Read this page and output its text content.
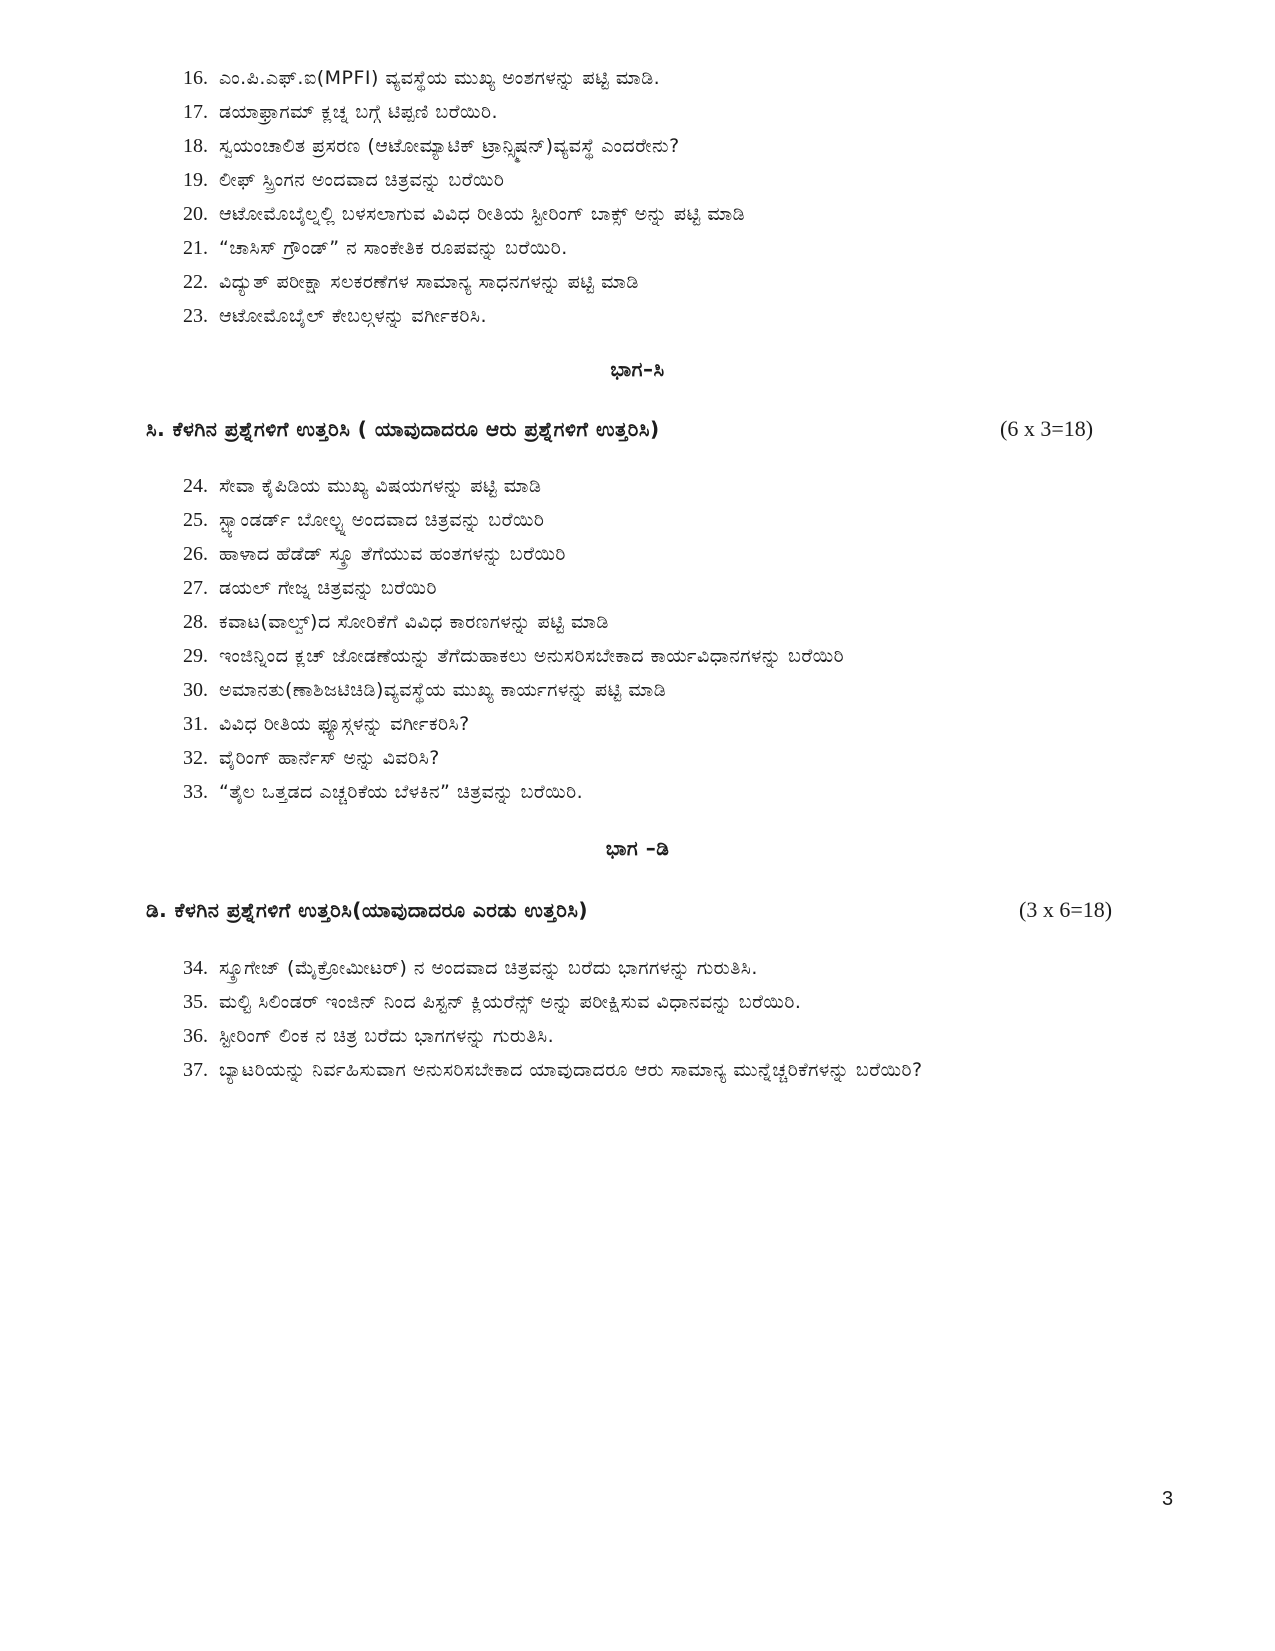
16. ಎಂ.ಪಿ.ಎಫ್.ಐ(MPFI) ವ್ಯವಸ್ಥೆಯ ಮುಖ್ಯ ಅಂಶಗಳನ್ನು ಪಟ್ಟಿ ಮಾಡಿ.
17. ಡಯಾಫ್ರಾಗಮ್ ಕ್ಲಚ್ನ ಬಗ್ಗೆ ಟಿಪ್ಪಣಿ ಬರೆಯಿರಿ.
18. ಸ್ವಯಂಚಾಲಿತ ಪ್ರಸರಣ (ಆಟೋಮ್ಯಾಟಿಕ್ ಟ್ರಾನ್ಸ್ಮಿಷನ್)ವ್ಯವಸ್ಥೆ ಎಂದರೇನು?
19. ಲೀಫ್ ಸ್ಪ್ರಿಂಗನ ಅಂದವಾದ ಚಿತ್ರವನ್ನು ಬರೆಯಿರಿ
20. ಆಟೋಮೊಬೈಲ್ನಲ್ಲಿ ಬಳಸಲಾಗುವ ವಿವಿಧ ರೀತಿಯ ಸ್ಟೀರಿಂಗ್ ಬಾಕ್ಸ್ ಅನ್ನು ಪಟ್ಟಿ ಮಾಡಿ
21. “ಚಾಸಿಸ್ ಗ್ರೌಂಡ್” ನ ಸಾಂಕೇತಿಕ ರೂಪವನ್ನು ಬರೆಯಿರಿ.
22. ವಿದ್ಯುತ್ ಪರೀಕ್ಷಾ ಸಲಕರಣೆಗಳ ಸಾಮಾನ್ಯ ಸಾಧನಗಳನ್ನು ಪಟ್ಟಿ ಮಾಡಿ
23. ಆಟೋಮೊಬೈಲ್ ಕೇಬಲ್ಗಳನ್ನು ವರ್ಗೀಕರಿಸಿ.
ಭಾಗ–ಸಿ
ಸಿ. ಕೆಳಗಿನ ಪ್ರಶ್ನೆಗಳಿಗೆ ಉತ್ತರಿಸಿ ( ಯಾವುದಾದರೂ ಆರು ಪ್ರಶ್ನೆಗಳಿಗೆ ಉತ್ತರಿಸಿ)	(6 x 3=18)
24. ಸೇವಾ ಕೈಪಿಡಿಯ ಮುಖ್ಯ ವಿಷಯಗಳನ್ನು ಪಟ್ಟಿ ಮಾಡಿ
25. ಸ್ಟ್ಯಾಂಡರ್ಡ್ ಬೋಲ್ಟ್ನ ಅಂದವಾದ ಚಿತ್ರವನ್ನು ಬರೆಯಿರಿ
26. ಹಾಳಾದ ಹೆಡೆಡ್ ಸ್ಕ್ರೂ ತೆಗೆಯುವ ಹಂತಗಳನ್ನು ಬರೆಯಿರಿ
27. ಡಯಲ್ ಗೇಜ್ನ ಚಿತ್ರವನ್ನು ಬರೆಯಿರಿ
28. ಕವಾಟ(ವಾಲ್ವ್)ದ ಸೋರಿಕೆಗೆ ವಿವಿಧ ಕಾರಣಗಳನ್ನು ಪಟ್ಟಿ ಮಾಡಿ
29. ಇಂಜಿನ್ನಿಂದ ಕ್ಲಚ್ ಜೋಡಣೆಯನ್ನು ತೆಗೆದುಹಾಕಲು ಅನುಸರಿಸಬೇಕಾದ ಕಾರ್ಯವಿಧಾನಗಳನ್ನು ಬರೆಯಿರಿ
30. ಅಮಾನತು(ಣಾಶಿಜಟಿಚಿಡಿ)ವ್ಯವಸ್ಥೆಯ ಮುಖ್ಯ ಕಾರ್ಯಗಳನ್ನು ಪಟ್ಟಿ ಮಾಡಿ
31. ವಿವಿಧ ರೀತಿಯ ಫ್ಯೂಸ್ಗಳನ್ನು ವರ್ಗೀಕರಿಸಿ?
32. ವೈರಿಂಗ್ ಹಾರ್ನೆಸ್ ಅನ್ನು ವಿವರಿಸಿ?
33. “ತೈಲ ಒತ್ತಡದ ಎಚ್ಚರಿಕೆಯ ಬೆಳಕಿನ” ಚಿತ್ರವನ್ನು ಬರೆಯಿರಿ.
ಭಾಗ –ಡಿ
ಡಿ. ಕೆಳಗಿನ ಪ್ರಶ್ನೆಗಳಿಗೆ ಉತ್ತರಿಸಿ(ಯಾವುದಾದರೂ ಎರಡು ಉತ್ತರಿಸಿ)	(3 x 6=18)
34. ಸ್ಕ್ರೂಗೇಜ್ (ಮೈಕ್ರೋಮೀಟರ್) ನ ಅಂದವಾದ ಚಿತ್ರವನ್ನು ಬರೆದು ಭಾಗಗಳನ್ನು ಗುರುತಿಸಿ.
35. ಮಲ್ಟಿ ಸಿಲಿಂಡರ್ ಇಂಜಿನ್ ನಿಂದ ಪಿಸ್ಟನ್ ಕ್ಲಿಯರೆನ್ಸ್ ಅನ್ನು ಪರೀಕ್ಷಿಸುವ ವಿಧಾನವನ್ನು ಬರೆಯಿರಿ.
36. ಸ್ಟೀರಿಂಗ್ ಲಿಂಕ ನ ಚಿತ್ರ ಬರೆದು ಭಾಗಗಳನ್ನು ಗುರುತಿಸಿ.
37. ಬ್ಯಾಟರಿಯನ್ನು ನಿರ್ವಹಿಸುವಾಗ ಅನುಸರಿಸಬೇಕಾದ ಯಾವುದಾದರೂ ಆರು ಸಾಮಾನ್ಯ ಮುನ್ನೆಚ್ಚರಿಕೆಗಳನ್ನು ಬರೆಯಿರಿ?
3
